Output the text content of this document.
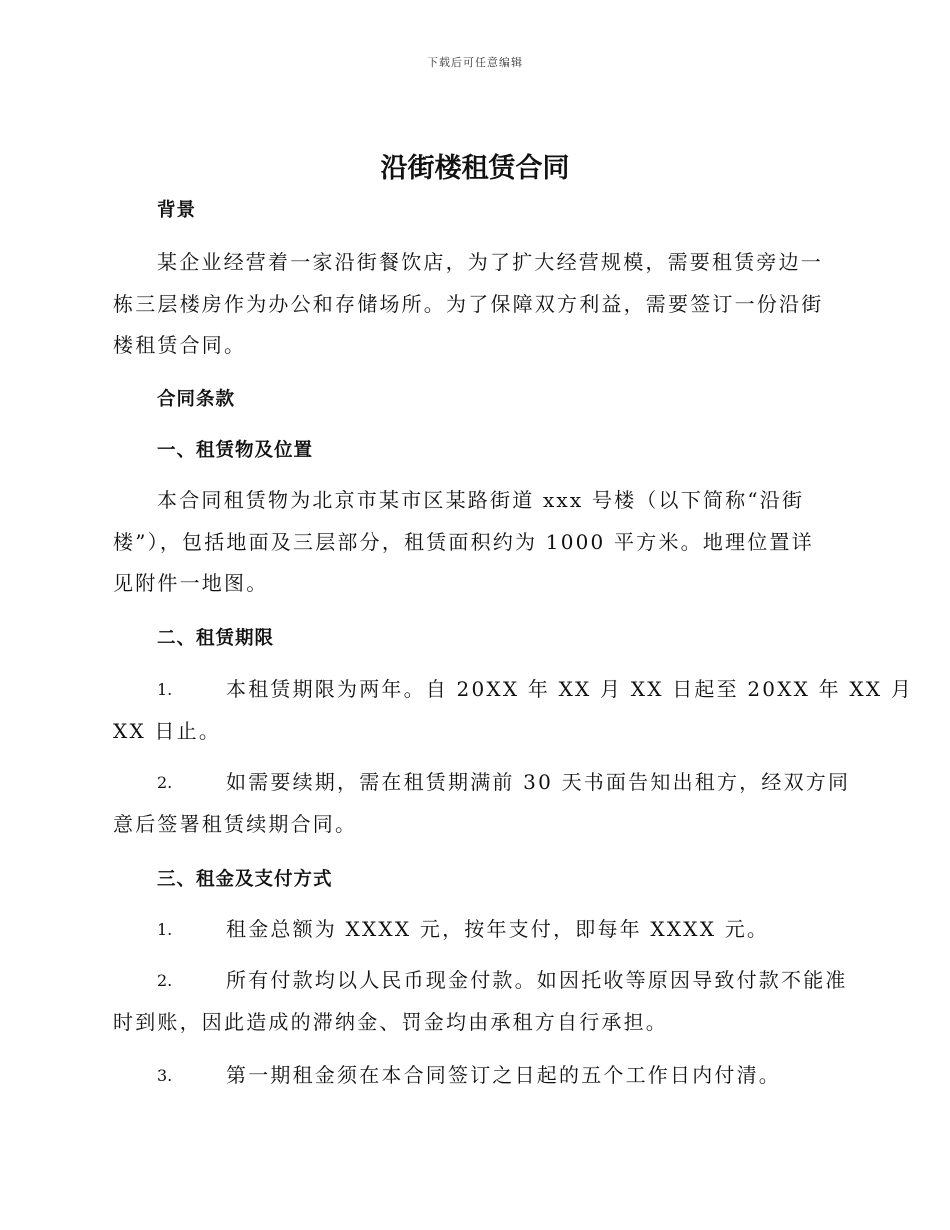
下载后可任意编辑
沿街楼租赁合同
背景
某企业经营着一家沿街餐饮店，为了扩大经营规模，需要租赁旁边一栋三层楼房作为办公和存储场所。为了保障双方利益，需要签订一份沿街楼租赁合同。
合同条款
一、租赁物及位置
本合同租赁物为北京市某市区某路街道 xxx 号楼（以下简称“沿街
楼”），包括地面及三层部分，租赁面积约为 1000 平方米。地理位置详见附件一地图。
二、租赁期限
1.	本租赁期限为两年。自 20XX 年 XX 月 XX 日起至 20XX 年 XX 月
XX 日止。
2.	如需要续期，需在租赁期满前 30 天书面告知出租方，经双方同
意后签署租赁续期合同。
三、租金及支付方式
1.	租金总额为 XXXX 元，按年支付，即每年 XXXX 元。
2.	所有付款均以人民币现金付款。如因托收等原因导致付款不能准
时到账，因此造成的滞纳金、罚金均由承租方自行承担。
3.	第一期租金须在本合同签订之日起的五个工作日内付清。
